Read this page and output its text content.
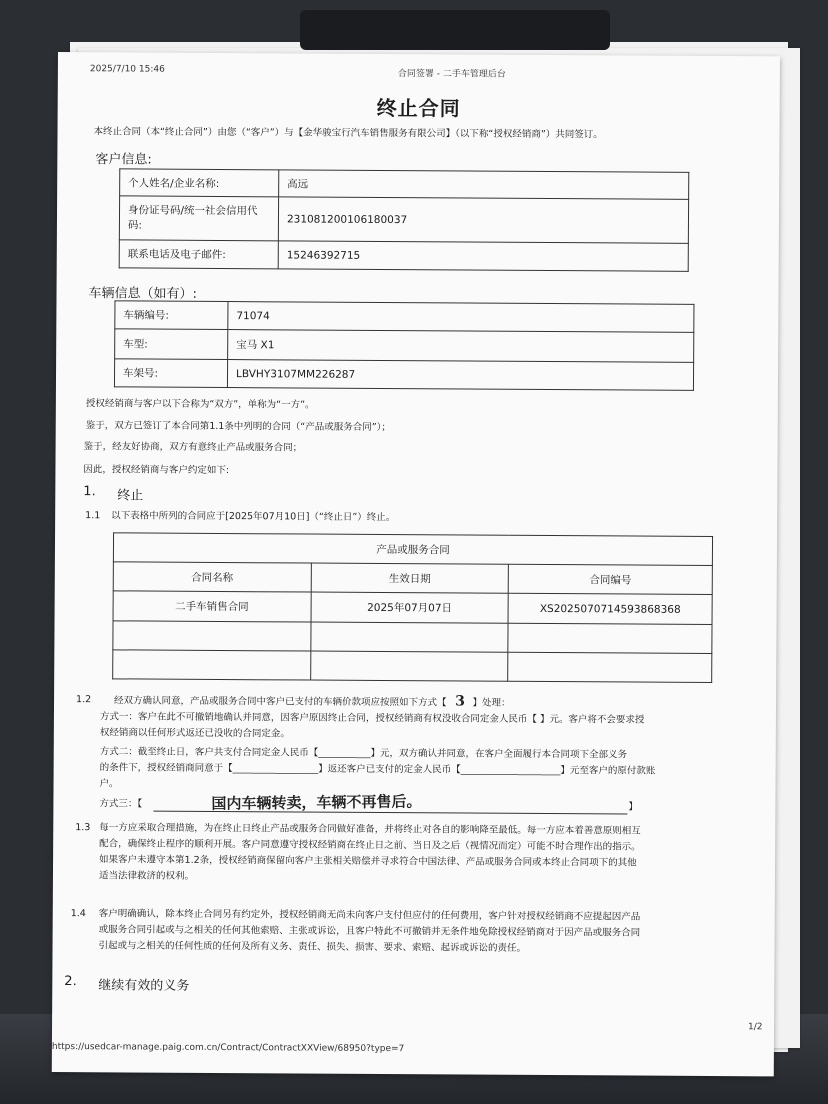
2025/7/10 15:46	合同签署 - 二手车管理后台
终止合同
本终止合同（本“终止合同”）由您（“客户”）与【金华骏宝行汽车销售服务有限公司】（以下称“授权经销商”）共同签订。
客户信息:
个人姓名/企业名称:	高远
身份证号码/统一社会信用代码:	231081200106180037
联系电话及电子邮件:	15246392715
车辆信息（如有）:
车辆编号:	71074
车型:	宝马 X1
车架号:	LBVHY3107MM226287
授权经销商与客户以下合称为“双方”，单称为“一方”。
鉴于，双方已签订了本合同第1.1条中列明的合同（“产品或服务合同”）；
鉴于，经友好协商，双方有意终止产品或服务合同；
因此，授权经销商与客户约定如下:
1. 终止
1.1 以下表格中所列的合同应于[2025年07月10日]（“终止日”）终止。
产品或服务合同		
合同名称	生效日期	合同编号
二手车销售合同	2025年07月07日	XS2025070714593868368

1.2 经双方确认同意，产品或服务合同中客户已支付的车辆价款项应按照如下方式【 3 】处理：
方式一：客户在此不可撤销地确认并同意，因客户原因终止合同，授权经销商有权没收合同定金人民币【 】元。客户将不会要求授
权经销商以任何形式返还已没收的合同定金。
方式二：截至终止日，客户共支付合同定金人民币【___________】元，双方确认并同意，在客户全面履行本合同项下全部义务
的条件下，授权经销商同意于【__________________】返还客户已支付的定金人民币【_____________________】元至客户的原付款账
户。
方式三：【	国内车辆转卖，车辆不再售后。	】
1.3 每一方应采取合理措施，为在终止日终止产品或服务合同做好准备，并将终止对各自的影响降至最低。每一方应本着善意原则相互
配合，确保终止程序的顺利开展。客户同意遵守授权经销商在终止日之前、当日及之后（视情况而定）可能不时合理作出的指示。
如果客户未遵守本第1.2条，授权经销商保留向客户主张相关赔偿并寻求符合中国法律、产品或服务合同或本终止合同项下的其他
适当法律救济的权利。
1.4 客户明确确认，除本终止合同另有约定外，授权经销商无尚未向客户支付但应付的任何费用，客户针对授权经销商不应提起因产品
或服务合同引起或与之相关的任何其他索赔、主张或诉讼，且客户特此不可撤销并无条件地免除授权经销商对于因产品或服务合同
引起或与之相关的任何性质的任何及所有义务、责任、损失、损害、要求、索赔、起诉或诉讼的责任。
2. 继续有效的义务
1/2
https://usedcar-manage.paig.com.cn/Contract/ContractXXView/68950?type=7
